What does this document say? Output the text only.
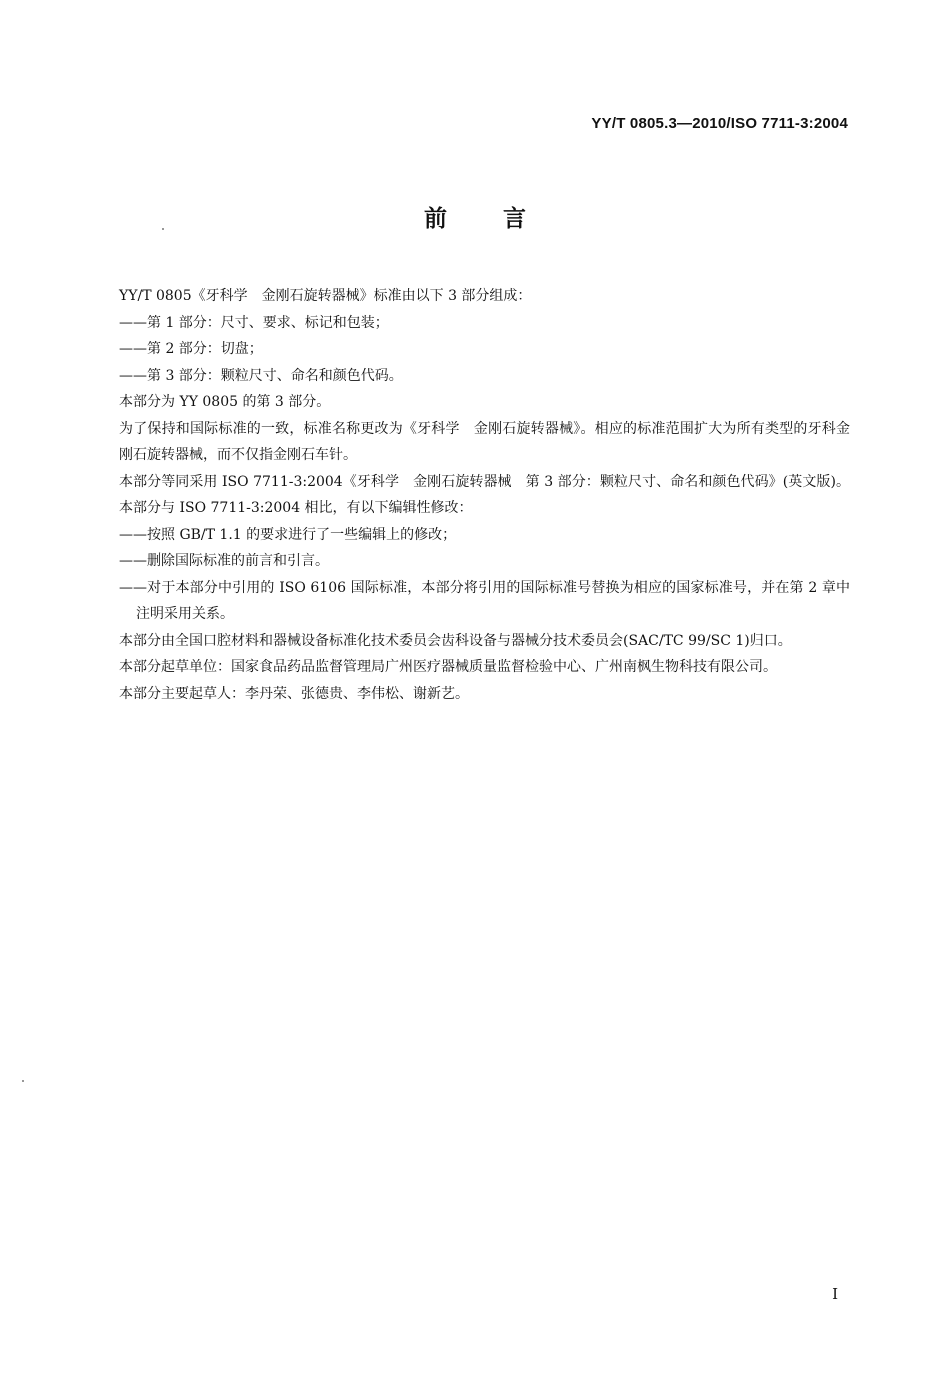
YY/T 0805.3—2010/ISO 7711-3:2004
前言

YY/T 0805《牙科学　金刚石旋转器械》标准由以下 3 部分组成：

——第 1 部分：尺寸、要求、标记和包装；

——第 2 部分：切盘；

——第 3 部分：颗粒尺寸、命名和颜色代码。

本部分为 YY 0805 的第 3 部分。

为了保持和国际标准的一致，标准名称更改为《牙科学　金刚石旋转器械》。相应的标准范围扩大为所有类型的牙科金刚石旋转器械，而不仅指金刚石车针。

本部分等同采用 ISO 7711-3:2004《牙科学　金刚石旋转器械　第 3 部分：颗粒尺寸、命名和颜色代码》(英文版)。本部分与 ISO 7711-3:2004 相比，有以下编辑性修改：

——按照 GB/T 1.1 的要求进行了一些编辑上的修改；

——删除国际标准的前言和引言。

——对于本部分中引用的 ISO 6106 国际标准，本部分将引用的国际标准号替换为相应的国家标准号，并在第 2 章中注明采用关系。

本部分由全国口腔材料和器械设备标准化技术委员会齿科设备与器械分技术委员会(SAC/TC 99/SC 1)归口。

本部分起草单位：国家食品药品监督管理局广州医疗器械质量监督检验中心、广州南枫生物科技有限公司。

本部分主要起草人：李丹荣、张德贵、李伟松、谢新艺。

I
